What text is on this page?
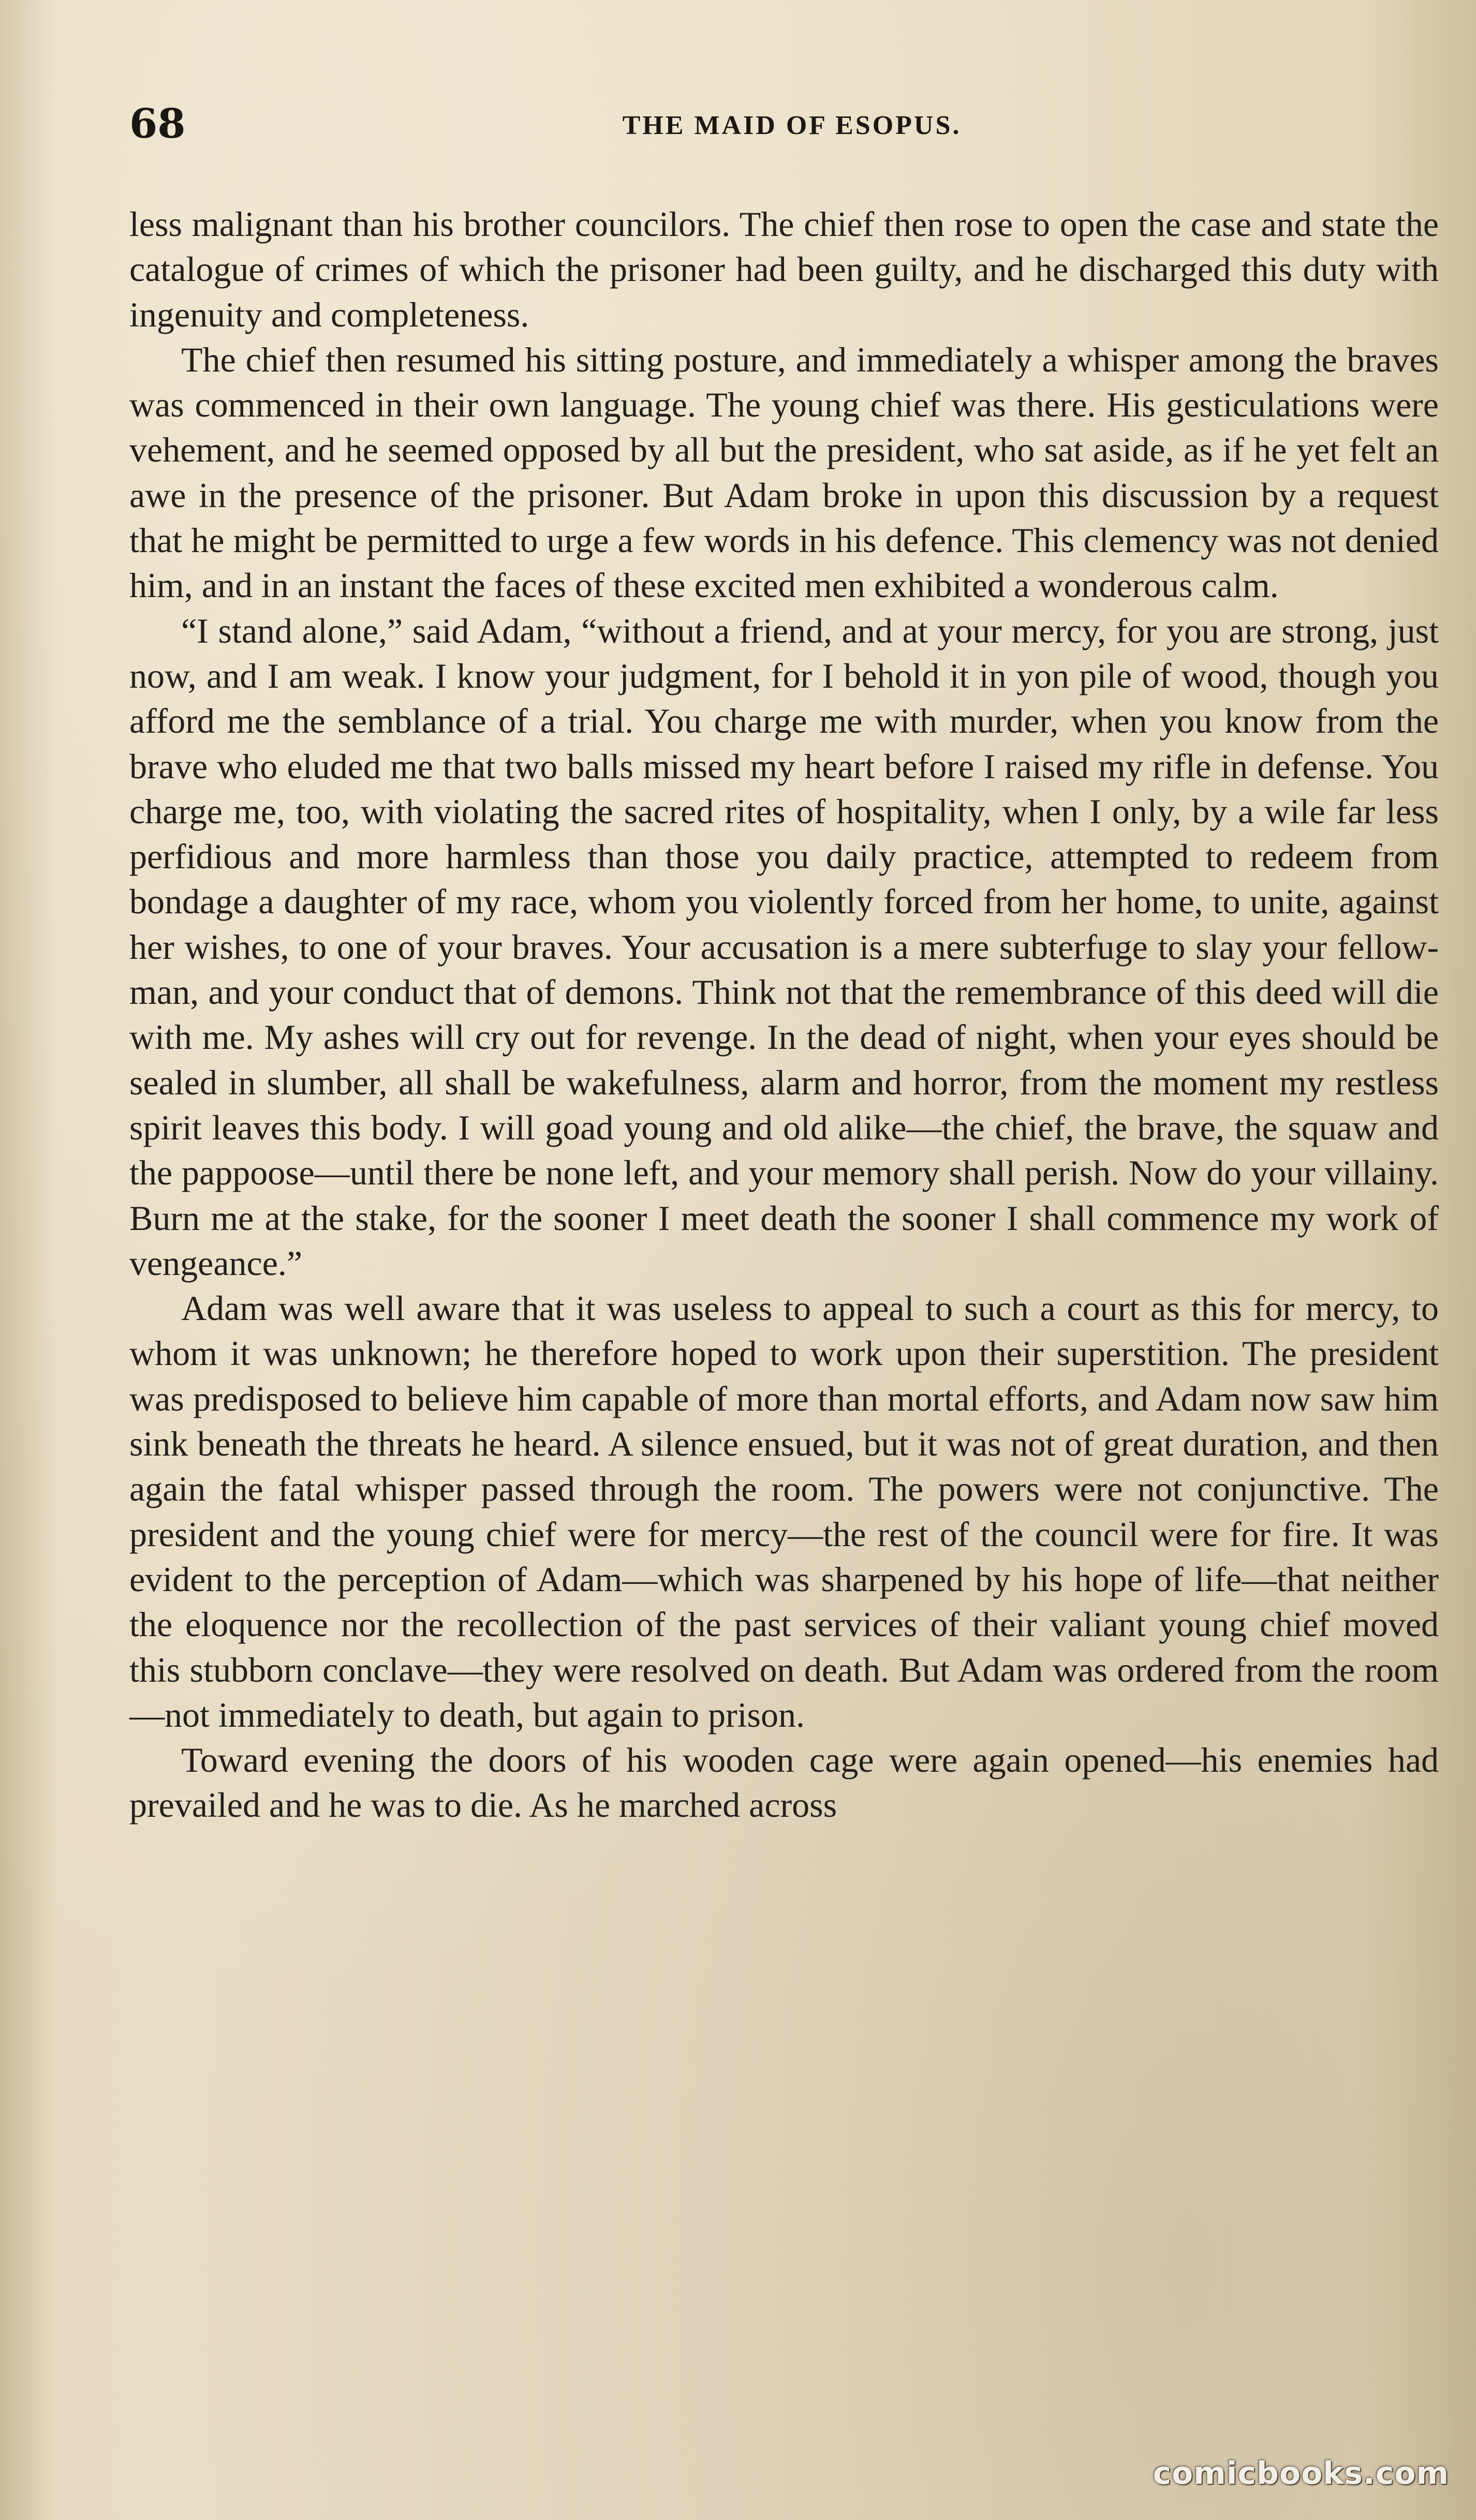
68	THE MAID OF ESOPUS.

less malignant than his brother councilors. The chief then rose to open the case and state the catalogue of crimes of which the prisoner had been guilty, and he discharged this duty with ingenuity and completeness.

The chief then resumed his sitting posture, and immediately a whisper among the braves was commenced in their own language. The young chief was there. His gesticulations were vehement, and he seemed opposed by all but the president, who sat aside, as if he yet felt an awe in the presence of the prisoner. But Adam broke in upon this discussion by a request that he might be permitted to urge a few words in his defence. This clemency was not denied him, and in an instant the faces of these excited men exhibited a wonderous calm.

“I stand alone,” said Adam, “without a friend, and at your mercy, for you are strong, just now, and I am weak. I know your judgment, for I behold it in yon pile of wood, though you afford me the semblance of a trial. You charge me with murder, when you know from the brave who eluded me that two balls missed my heart before I raised my rifle in defense. You charge me, too, with violating the sacred rites of hospitality, when I only, by a wile far less perfidious and more harmless than those you daily practice, attempted to redeem from bondage a daughter of my race, whom you violently forced from her home, to unite, against her wishes, to one of your braves. Your accusation is a mere subterfuge to slay your fellow-man, and your conduct that of demons. Think not that the remembrance of this deed will die with me. My ashes will cry out for revenge. In the dead of night, when your eyes should be sealed in slumber, all shall be wakefulness, alarm and horror, from the moment my restless spirit leaves this body. I will goad young and old alike—the chief, the brave, the squaw and the pappoose—until there be none left, and your memory shall perish. Now do your villainy. Burn me at the stake, for the sooner I meet death the sooner I shall commence my work of vengeance.”

Adam was well aware that it was useless to appeal to such a court as this for mercy, to whom it was unknown; he therefore hoped to work upon their superstition. The president was predisposed to believe him capable of more than mortal efforts, and Adam now saw him sink beneath the threats he heard. A silence ensued, but it was not of great duration, and then again the fatal whisper passed through the room. The powers were not conjunctive. The president and the young chief were for mercy—the rest of the council were for fire. It was evident to the perception of Adam—which was sharpened by his hope of life—that neither the eloquence nor the recollection of the past services of their valiant young chief moved this stubborn conclave—they were resolved on death. But Adam was ordered from the room—not immediately to death, but again to prison.

Toward evening the doors of his wooden cage were again opened—his enemies had prevailed and he was to die. As he marched across

comicbooks.com
